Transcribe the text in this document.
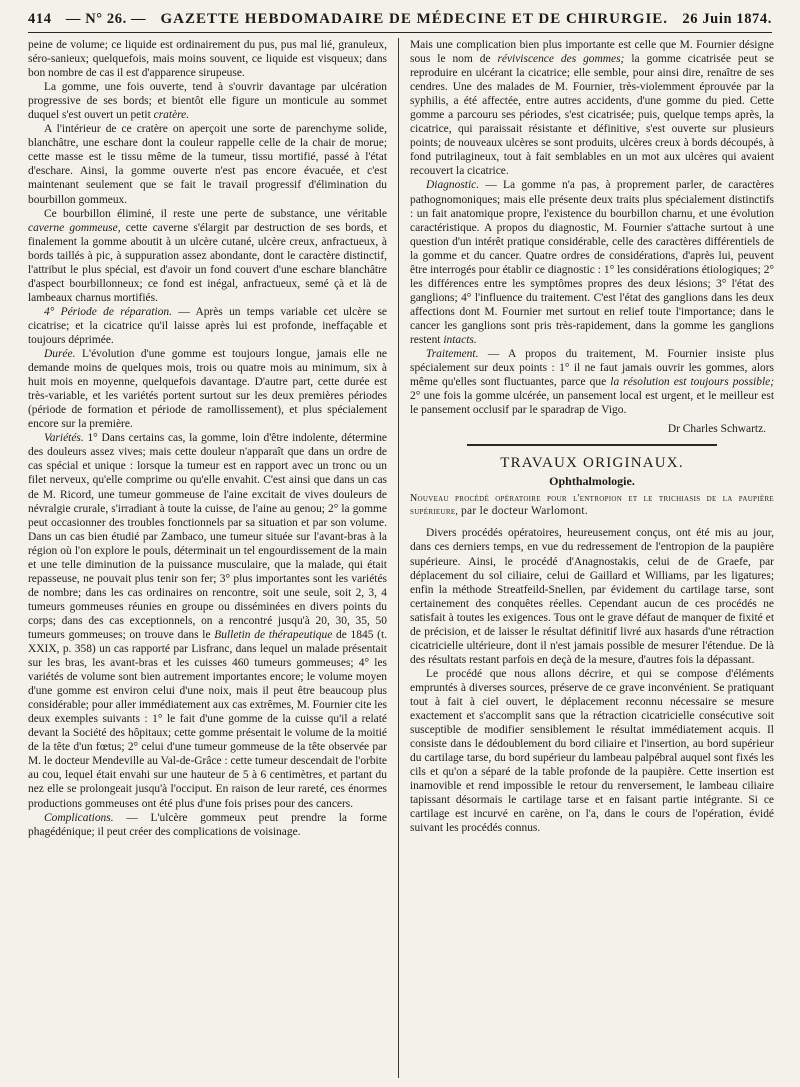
414 — N° 26. — GAZETTE HEBDOMADAIRE DE MÉDECINE ET DE CHIRURGIE. 26 Juin 1874.

peine de volume; ce liquide est ordinairement du pus, pus mal lié, granuleux, séro-sanieux; quelquefois, mais moins souvent, ce liquide est visqueux; dans bon nombre de cas il est d'apparence sirupeuse.

La gomme, une fois ouverte, tend à s'ouvrir davantage par ulcération progressive de ses bords; et bientôt elle figure un monticule au sommet duquel s'est ouvert un petit cratère.

A l'intérieur de ce cratère on aperçoit une sorte de parenchyme solide, blanchâtre, une eschare dont la couleur rappelle celle de la chair de morue; cette masse est le tissu même de la tumeur, tissu mortifié, passé à l'état d'eschare. Ainsi, la gomme ouverte n'est pas encore évacuée, et c'est maintenant seulement que se fait le travail progressif d'élimination du bourbillon gommeux.

Ce bourbillon éliminé, il reste une perte de substance, une véritable caverne gommeuse, cette caverne s'élargit par destruction de ses bords, et finalement la gomme aboutit à un ulcère cutané, ulcère creux, anfractueux, à bords taillés à pic, à suppuration assez abondante, dont le caractère distinctif, l'attribut le plus spécial, est d'avoir un fond couvert d'une eschare blanchâtre d'aspect bourbillonneux; ce fond est inégal, anfractueux, semé çà et là de lambeaux charnus mortifiés.

4° Période de réparation. — Après un temps variable cet ulcère se cicatrise; et la cicatrice qu'il laisse après lui est profonde, ineffaçable et toujours déprimée.

Durée. L'évolution d'une gomme est toujours longue, jamais elle ne demande moins de quelques mois, trois ou quatre mois au minimum, six à huit mois en moyenne, quelquefois davantage. D'autre part, cette durée est très-variable, et les variétés portent surtout sur les deux premières périodes (période de formation et période de ramollissement), et plus spécialement encore sur la première.

Variétés. 1° Dans certains cas, la gomme, loin d'être indolente, détermine des douleurs assez vives; mais cette douleur n'apparaît que dans un ordre de cas spécial et unique : lorsque la tumeur est en rapport avec un tronc ou un filet nerveux, qu'elle comprime ou qu'elle envahit. C'est ainsi que dans un cas de M. Ricord, une tumeur gommeuse de l'aine excitait de vives douleurs de névralgie crurale, s'irradiant à toute la cuisse, de l'aine au genou; 2° la gomme peut occasionner des troubles fonctionnels par sa situation et par son volume. Dans un cas bien étudié par Zambaco, une tumeur située sur l'avant-bras à la région où l'on explore le pouls, déterminait un tel engourdissement de la main et une telle diminution de la puissance musculaire, que la malade, qui était repasseuse, ne pouvait plus tenir son fer; 3° plus importantes sont les variétés de nombre; dans les cas ordinaires on rencontre, soit une seule, soit 2, 3, 4 tumeurs gommeuses réunies en groupe ou disséminées en divers points du corps; dans des cas exceptionnels, on a rencontré jusqu'à 20, 30, 35, 50 tumeurs gommeuses; on trouve dans le Bulletin de thérapeutique de 1845 (t. XXIX, p. 358) un cas rapporté par Lisfranc, dans lequel un malade présentait sur les bras, les avant-bras et les cuisses 460 tumeurs gommeuses; 4° les variétés de volume sont bien autrement importantes encore; le volume moyen d'une gomme est environ celui d'une noix, mais il peut être beaucoup plus considérable; pour aller immédiatement aux cas extrêmes, M. Fournier cite les deux exemples suivants : 1° le fait d'une gomme de la cuisse qu'il a relaté devant la Société des hôpitaux; cette gomme présentait le volume de la moitié de la tête d'un fœtus; 2° celui d'une tumeur gommeuse de la tête observée par M. le docteur Mendeville au Val-de-Grâce : cette tumeur descendait de l'orbite au cou, lequel était envahi sur une hauteur de 5 à 6 centimètres, et partant du nez elle se prolongeait jusqu'à l'occiput. En raison de leur rareté, ces énormes productions gommeuses ont été plus d'une fois prises pour des cancers.

Complications. — L'ulcère gommeux peut prendre la forme phagédénique; il peut créer des complications de voisinage.

Mais une complication bien plus importante est celle que M. Fournier désigne sous le nom de réviviscence des gommes; la gomme cicatrisée peut se reproduire en ulcérant la cicatrice; elle semble, pour ainsi dire, renaître de ses cendres. Une des malades de M. Fournier, très-violemment éprouvée par la syphilis, a été affectée, entre autres accidents, d'une gomme du pied. Cette gomme a parcouru ses périodes, s'est cicatrisée; puis, quelque temps après, la cicatrice, qui paraissait résistante et définitive, s'est ouverte sur plusieurs points; de nouveaux ulcères se sont produits, ulcères creux à bords découpés, à fond putrilagineux, tout à fait semblables en un mot aux ulcères qui avaient recouvert la cicatrice.

Diagnostic. — La gomme n'a pas, à proprement parler, de caractères pathognomoniques; mais elle présente deux traits plus spécialement distinctifs : un fait anatomique propre, l'existence du bourbillon charnu, et une évolution caractéristique. A propos du diagnostic, M. Fournier s'attache surtout à une question d'un intérêt pratique considérable, celle des caractères différentiels de la gomme et du cancer. Quatre ordres de considérations, d'après lui, peuvent être interrogés pour établir ce diagnostic : 1° les considérations étiologiques; 2° les différences entre les symptômes propres des deux lésions; 3° l'état des ganglions; 4° l'influence du traitement. C'est l'état des ganglions dans les deux affections dont M. Fournier met surtout en relief toute l'importance; dans le cancer les ganglions sont pris très-rapidement, dans la gomme les ganglions restent intacts.

Traitement. — A propos du traitement, M. Fournier insiste plus spécialement sur deux points : 1° il ne faut jamais ouvrir les gommes, alors même qu'elles sont fluctuantes, parce que la résolution est toujours possible; 2° une fois la gomme ulcérée, un pansement local est urgent, et le meilleur est le pansement occlusif par le sparadrap de Vigo.

Dr Charles Schwartz.

TRAVAUX ORIGINAUX.

Ophthalmologie.

Nouveau procédé opératoire pour l'entropion et le trichiasis de la paupière supérieure, par le docteur Warlomont.

Divers procédés opératoires, heureusement conçus, ont été mis au jour, dans ces derniers temps, en vue du redressement de l'entropion de la paupière supérieure. Ainsi, le procédé d'Anagnostakis, celui de de Graefe, par déplacement du sol ciliaire, celui de Gaillard et Williams, par les ligatures; enfin la méthode Streatfeild-Snellen, par évidement du cartilage tarse, sont certainement des conquêtes réelles. Cependant aucun de ces procédés ne satisfait à toutes les exigences. Tous ont le grave défaut de manquer de fixité et de précision, et de laisser le résultat définitif livré aux hasards d'une rétraction cicatricielle ultérieure, dont il n'est jamais possible de mesurer l'étendue. De là des résultats restant parfois en deçà de la mesure, d'autres fois la dépassant.

Le procédé que nous allons décrire, et qui se compose d'éléments empruntés à diverses sources, préserve de ce grave inconvénient. Se pratiquant tout à fait à ciel ouvert, le déplacement reconnu nécessaire se mesure exactement et s'accomplit sans que la rétraction cicatricielle consécutive soit susceptible de modifier sensiblement le résultat immédiatement acquis. Il consiste dans le dédoublement du bord ciliaire et l'insertion, au bord supérieur du cartilage tarse, du bord supérieur du lambeau palpébral auquel sont fixés les cils et qu'on a séparé de la table profonde de la paupière. Cette insertion est inamovible et rend impossible le retour du renversement, le lambeau ciliaire tapissant désormais le cartilage tarse et en faisant partie intégrante. Si ce cartilage est incurvé en carène, on l'a, dans le cours de l'opération, évidé suivant les procédés connus.
